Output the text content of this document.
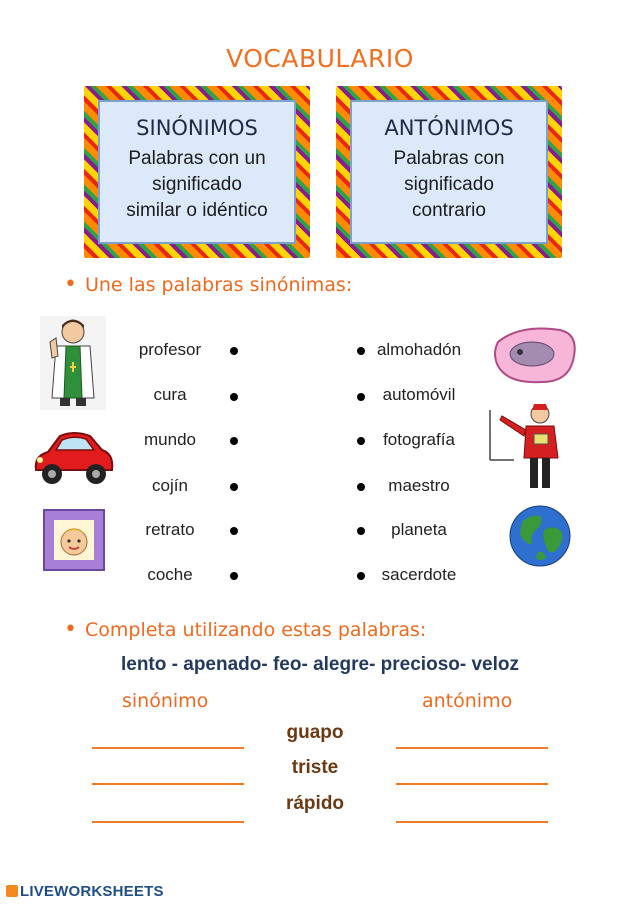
VOCABULARIO
SINÓNIMOS
Palabras con un
significado
similar o idéntico
ANTÓNIMOS
Palabras con
significado
contrario
• Une las palabras sinónimas:
profesor
cura
mundo
cojín
retrato
coche
almohadón
automóvil
fotografía
maestro
planeta
sacerdote
• Completa utilizando estas palabras:
lento - apenado- feo- alegre- precioso- veloz
sinónimo	antónimo
guapo
triste
rápido
LIVEWORKSHEETS
